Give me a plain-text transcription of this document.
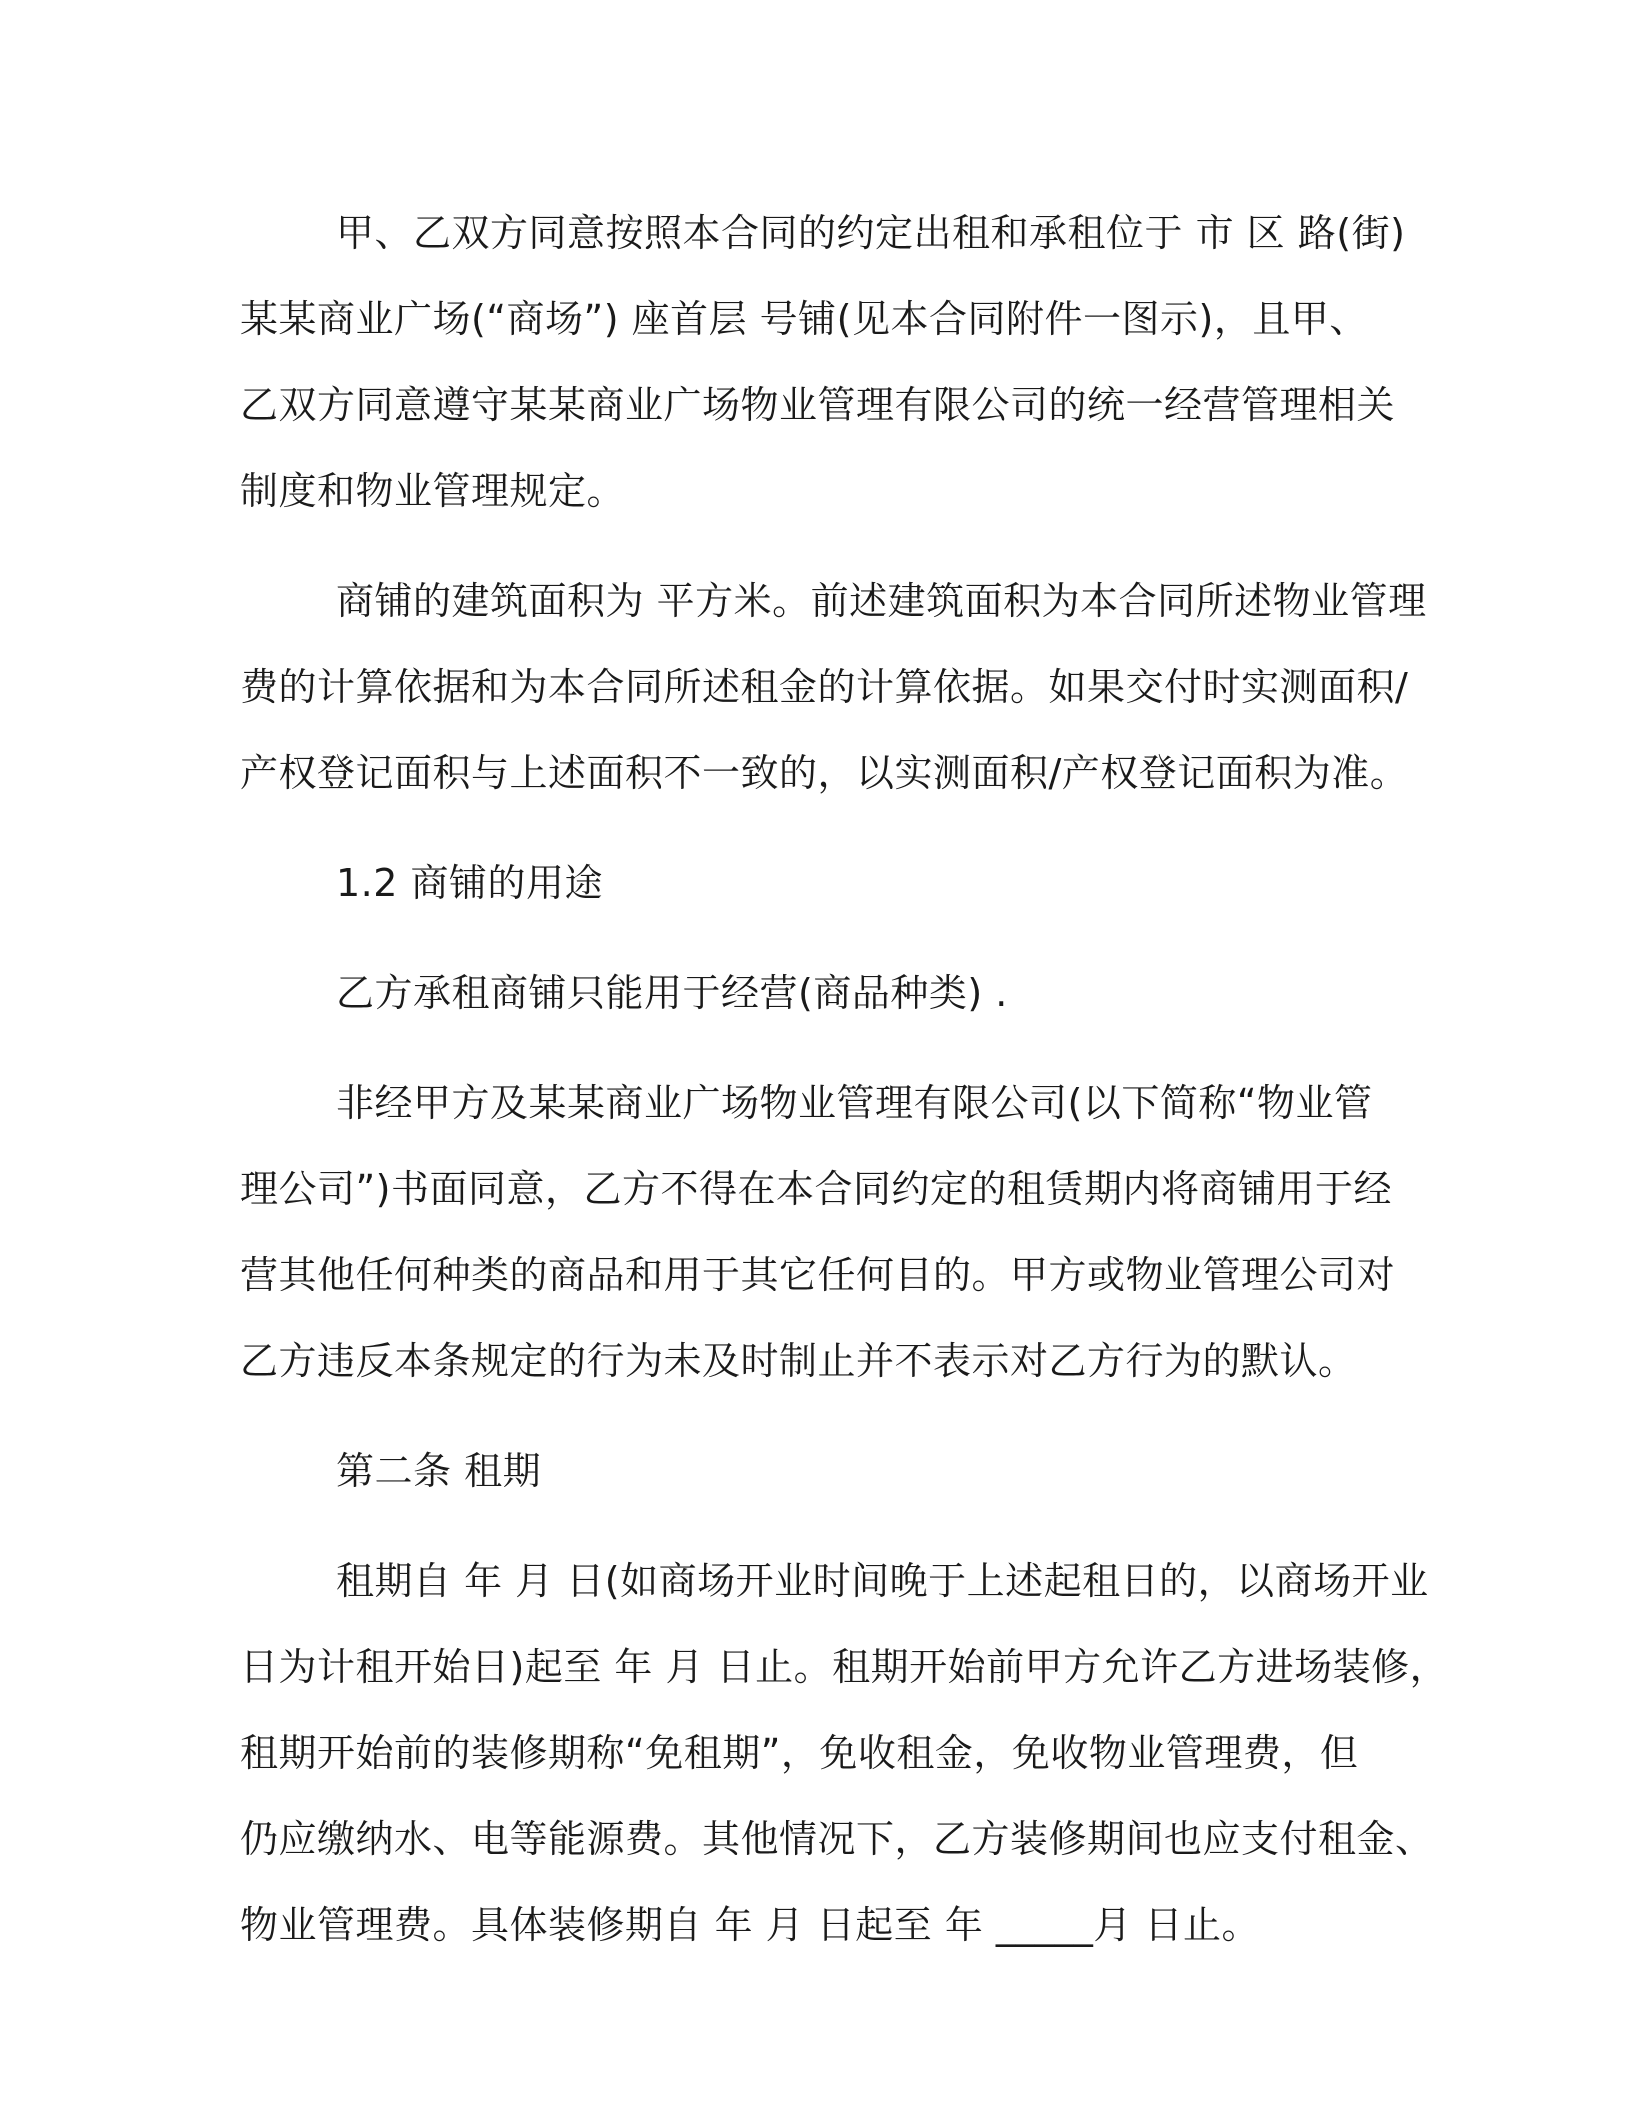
甲、乙双方同意按照本合同的约定出租和承租位于 市 区 路(街)
某某商业广场(“商场”) 座首层 号铺(见本合同附件一图示)，且甲、
乙双方同意遵守某某商业广场物业管理有限公司的统一经营管理相关
制度和物业管理规定。
商铺的建筑面积为 平方米。前述建筑面积为本合同所述物业管理
费的计算依据和为本合同所述租金的计算依据。如果交付时实测面积/
产权登记面积与上述面积不一致的，以实测面积/产权登记面积为准。
1.2 商铺的用途
乙方承租商铺只能用于经营(商品种类) .
非经甲方及某某商业广场物业管理有限公司(以下简称“物业管
理公司”)书面同意，乙方不得在本合同约定的租赁期内将商铺用于经
营其他任何种类的商品和用于其它任何目的。甲方或物业管理公司对
乙方违反本条规定的行为未及时制止并不表示对乙方行为的默认。
第二条 租期
租期自 年 月 日(如商场开业时间晚于上述起租日的，以商场开业
日为计租开始日)起至 年 月 日止。租期开始前甲方允许乙方进场装修，
租期开始前的装修期称“免租期”，免收租金，免收物业管理费，但
仍应缴纳水、电等能源费。其他情况下，乙方装修期间也应支付租金、
物业管理费。具体装修期自 年 月 日起至 年 _____月 日止。
